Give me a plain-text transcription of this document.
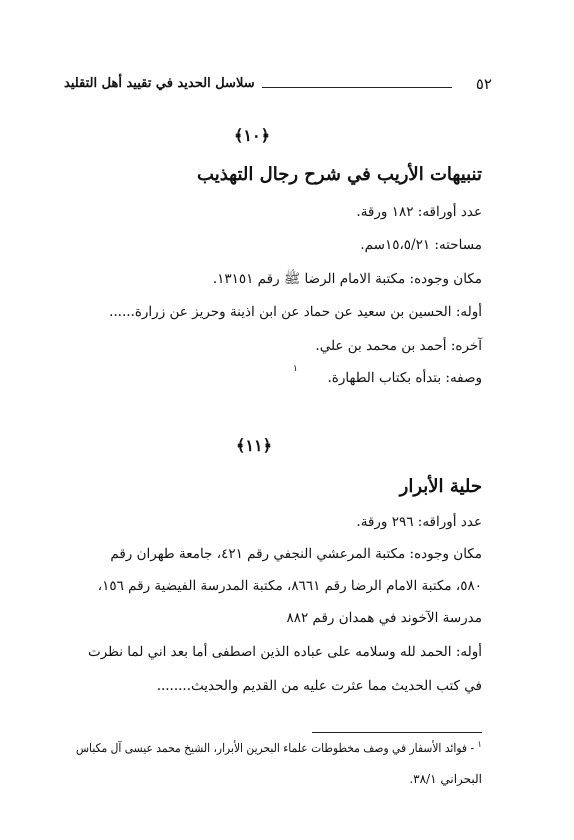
٥٢
سلاسل الحديد في تقييد أهل التقليد
﴿١٠﴾
تنبيهات الأريب في شرح رجال التهذيب
عدد أوراقه: ١٨٢ ورقة.
مساحته: ١٥،٥/٢١سم.
مكان وجوده: مكتبة الامام الرضا ﷺ رقم ١٣١٥١.
أوله: الحسين بن سعيد عن حماد عن ابن اذينة وحريز عن زرارة......
آخره: أحمد بن محمد بن علي.
وصفه: بتدأه بكتاب الطهارة.
١
﴿١١﴾
حلية الأبرار
عدد أوراقه: ٢٩٦ ورقة.
مكان وجوده: مكتبة المرعشي النجفي رقم ٤٢١، جامعة طهران رقم
٥٨٠، مكتبة الامام الرضا رقم ٨٦٦١، مكتبة المدرسة الفيضية رقم ١٥٦،
مدرسة الآخوند في همدان رقم ٨٨٢
أوله: الحمد لله وسلامه على عباده الذين اصطفى أما بعد اني لما نظرت
في كتب الحديث مما عثرت عليه من القديم والحديث........
$^١$ - فوائد الأسفار في وصف مخطوطات علماء البحرين الأبرار، الشيخ محمد عيسى آل مكباس
البحراني ٣٨/١.
